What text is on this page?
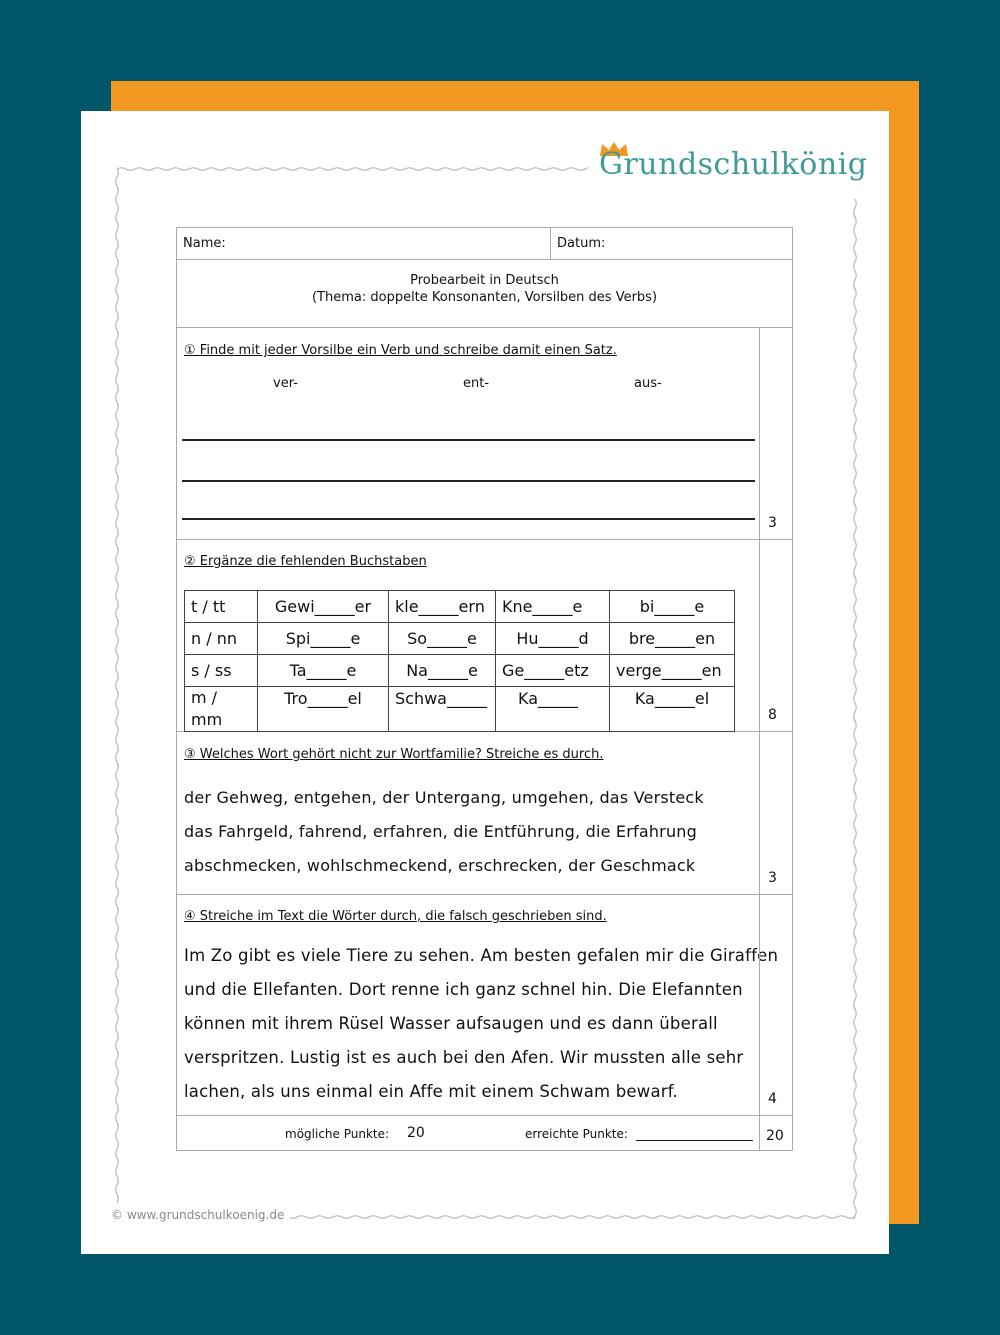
Grundschulkönig
Name:	Datum:
Probearbeit in Deutsch
(Thema: doppelte Konsonanten, Vorsilben des Verbs)
① Finde mit jeder Vorsilbe ein Verb und schreibe damit einen Satz.
ver-	ent-	aus-
3
② Ergänze die fehlenden Buchstaben
t / tt	Gewi_____er	kle_____ern	Kne_____e	bi_____e
n / nn	Spi_____e	So_____e	Hu_____d	bre_____en
s / ss	Ta_____e	Na_____e	Ge_____etz	verge_____en
m / mm	Tro_____el	Schwa_____	Ka_____	Ka_____el
8
③ Welches Wort gehört nicht zur Wortfamilie? Streiche es durch.
der Gehweg, entgehen, der Untergang, umgehen, das Versteck
das Fahrgeld, fahrend, erfahren, die Entführung, die Erfahrung
abschmecken, wohlschmeckend, erschrecken, der Geschmack
3
④ Streiche im Text die Wörter durch, die falsch geschrieben sind.
Im Zo gibt es viele Tiere zu sehen. Am besten gefalen mir die Giraffen
und die Ellefanten. Dort renne ich ganz schnel hin. Die Elefannten
können mit ihrem Rüsel Wasser aufsaugen und es dann überall
verspritzen. Lustig ist es auch bei den Afen. Wir mussten alle sehr
lachen, als uns einmal ein Affe mit einem Schwam bewarf.	4
mögliche Punkte: 20	erreichte Punkte:	20
© www.grundschulkoenig.de
